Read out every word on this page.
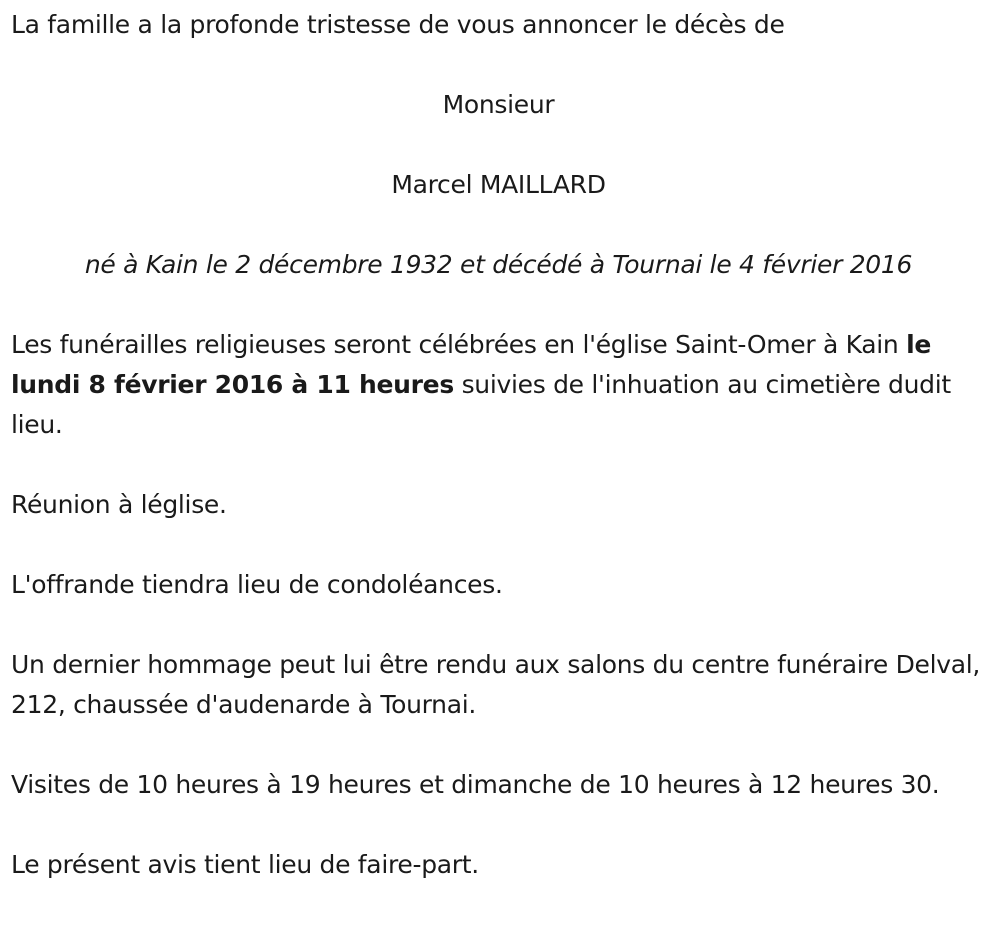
La famille a la profonde tristesse de vous annoncer le décès de

Monsieur

Marcel MAILLARD

né à Kain le 2 décembre 1932 et décédé à Tournai le 4 février 2016

Les funérailles religieuses seront célébrées en l'église Saint-Omer à Kain le lundi 8 février 2016 à 11 heures suivies de l'inhuation au cimetière dudit lieu.

Réunion à léglise.

L'offrande tiendra lieu de condoléances.

Un dernier hommage peut lui être rendu aux salons du centre funéraire Delval, 212, chaussée d'audenarde à Tournai.

Visites de 10 heures à 19 heures et dimanche de 10 heures à 12 heures 30.

Le présent avis tient lieu de faire-part.
